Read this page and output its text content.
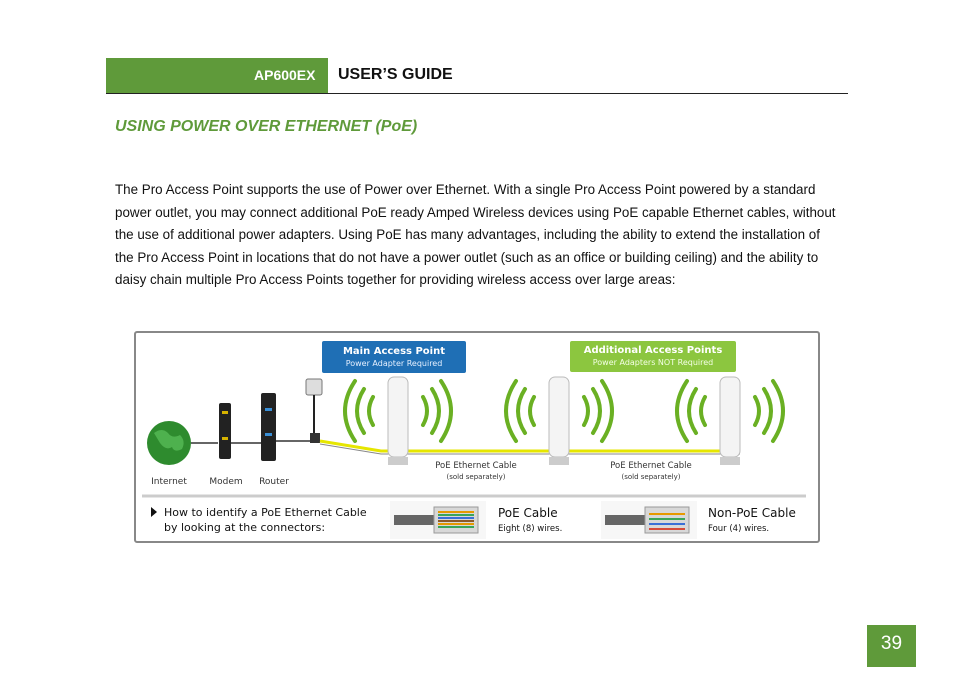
AP600EX USER’S GUIDE
USING POWER OVER ETHERNET (PoE)

The Pro Access Point supports the use of Power over Ethernet. With a single Pro Access Point powered by a standard power outlet, you may connect additional PoE ready Amped Wireless devices using PoE capable Ethernet cables, without the use of additional power adapters. Using PoE has many advantages, including the ability to extend the installation of the Pro Access Point in locations that do not have a power outlet (such as an office or building ceiling) and the ability to daisy chain multiple Pro Access Points together for providing wireless access over large areas:

Main Access Point
Power Adapter Required
Additional Access Points
Power Adapters NOT Required
Internet Modem Router
PoE Ethernet Cable
(sold separately)
PoE Ethernet Cable
(sold separately)
How to identify a PoE Ethernet Cable
by looking at the connectors:
PoE Cable
Eight (8) wires.
Non-PoE Cable
Four (4) wires.
39
